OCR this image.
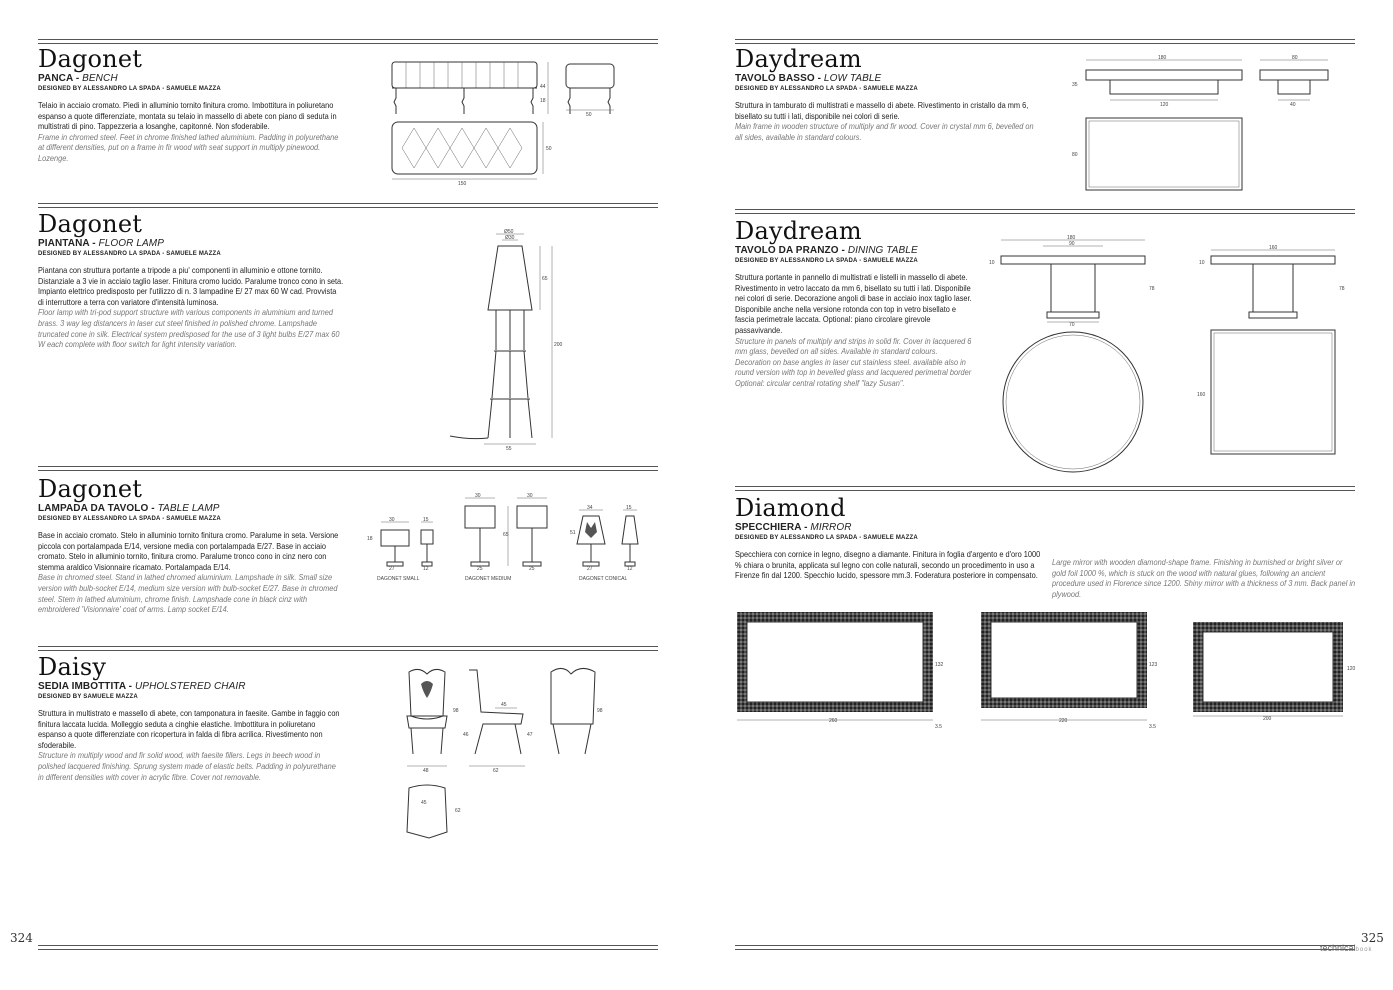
324	325
technicalbook
Dagonet
PANCA - BENCH
DESIGNED BY ALESSANDRO LA SPADA - SAMUELE MAZZA
Telaio in acciaio cromato. Piedi in alluminio tornito finitura cromo. Imbottitura in poliuretano espanso a quote differenziate, montata su telaio in massello di abete con piano di seduta in multistrati di pino. Tappezzeria a losanghe, capitonné. Non sfoderabile.
Frame in chromed steel. Feet in chrome finished lathed aluminium. Padding in polyurethane at different densities, put on a frame in fir wood with seat support in multiply pinewood. Lozenge.
50
44
18
150
50
Dagonet
PIANTANA - FLOOR LAMP
DESIGNED BY ALESSANDRO LA SPADA - SAMUELE MAZZA
Piantana con struttura portante a tripode a piu' componenti in alluminio e ottone tornito. Distanziale a 3 vie in acciaio taglio laser. Finitura cromo lucido. Paralume tronco cono in seta. Impianto elettrico predisposto per l'utilizzo di n. 3 lampadine E/ 27 max 60 W cad. Provvista di interruttore a terra con variatore d'intensità luminosa.
Floor lamp with tri-pod support structure with various components in aluminium and turned brass. 3 way leg distancers in laser cut steel finished in polished chrome. Lampshade truncated cone in silk. Electrical system predisposed for the use of 3 light bulbs E/27 max 60 W each complete with floor switch for light intensity variation.
Ø50
Ø30
65
200
55
Dagonet
LAMPADA DA TAVOLO - TABLE LAMP
DESIGNED BY ALESSANDRO LA SPADA - SAMUELE MAZZA
Base in acciaio cromato. Stelo in alluminio tornito finitura cromo. Paralume in seta. Versione piccola con portalampada E/14, versione media con portalampada E/27. Base in acciaio cromato. Stelo in alluminio tornito, finitura cromo. Paralume tronco cono in cinz nero con stemma araldico Visionnaire ricamato. Portalampada E/14.
Base in chromed steel. Stand in lathed chromed aluminium. Lampshade in silk. Small size version with bulb-socket E/14, medium size version with bulb-socket E/27. Base in chromed steel. Stem in lathed aluminium, chrome finish. Lampshade cone in black cinz with embroidered 'Visionnaire' coat of arms. Lamp socket E/14.
30
18
15
27	12
DAGONET SMALL
30
25
65
30
25
DAGONET MEDIUM
34
51
15
27	12
DAGONET CONICAL
Daisy
SEDIA IMBOTTITA - UPHOLSTERED CHAIR
DESIGNED BY SAMUELE MAZZA
Struttura in multistrato e massello di abete, con tamponatura in faesite. Gambe in faggio con finitura laccata lucida. Molleggio seduta a cinghie elastiche. Imbottitura in poliuretano espanso a quote differenziate con ricopertura in falda di fibra acrilica. Rivestimento non sfoderabile.
Structure in multiply wood and fir solid wood, with faesite fillers. Legs in beech wood in polished lacquered finishing. Sprung system made of elastic belts. Padding in polyurethane in different densities with cover in acrylic fibre. Cover not removable.
48
98
46
45
47
62
98
45
62
Daydream
TAVOLO BASSO - LOW TABLE
DESIGNED BY ALESSANDRO LA SPADA - SAMUELE MAZZA
Struttura in tamburato di multistrati e massello di abete. Rivestimento in cristallo da mm 6, bisellato su tutti i lati, disponibile nei colori di serie.
Main frame in wooden structure of multiply and fir wood. Cover in crystal mm 6, bevelled on all sides, available in standard colours.
180
120
35
80
40
80
Daydream
TAVOLO DA PRANZO - DINING TABLE
DESIGNED BY ALESSANDRO LA SPADA - SAMUELE MAZZA
Struttura portante in pannello di multistrati e listelli in massello di abete. Rivestimento in vetro laccato da mm 6, bisellato su tutti i lati. Disponibile nei colori di serie. Decorazione angoli di base in acciaio inox taglio laser. Disponibile anche nella versione rotonda con top in vetro bisellato e fascia perimetrale laccata. Optional: piano circolare girevole passavivande.
Structure in panels of multiply and strips in solid fir. Cover in lacquered 6 mm glass, bevelled on all sides. Available in standard colours. Decoration on base angles in laser cut stainless steel. available also in round version with top in bevelled glass and lacquered perimetral border Optional: circular central rotating shelf "lazy Susan".
180
90
10
78
70
160
10
78
160
Diamond
SPECCHIERA - MIRROR
DESIGNED BY ALESSANDRO LA SPADA - SAMUELE MAZZA
Specchiera con cornice in legno, disegno a diamante. Finitura in foglia d'argento e d'oro 1000 % chiara o brunita, applicata sul legno con colle naturali, secondo un procedimento in uso a Firenze fin dal 1200. Specchio lucido, spessore mm.3. Foderatura posteriore in compensato.
Large mirror with wooden diamond-shape frame. Finishing in burnished or bright silver or gold foil 1000 %, which is stuck on the wood with natural glues, following an ancient procedure used in Florence since 1200. Shiny mirror with a thickness of 3 mm. Back panel in plywood.
260
132
3.5
220
123
3.5
200
120
